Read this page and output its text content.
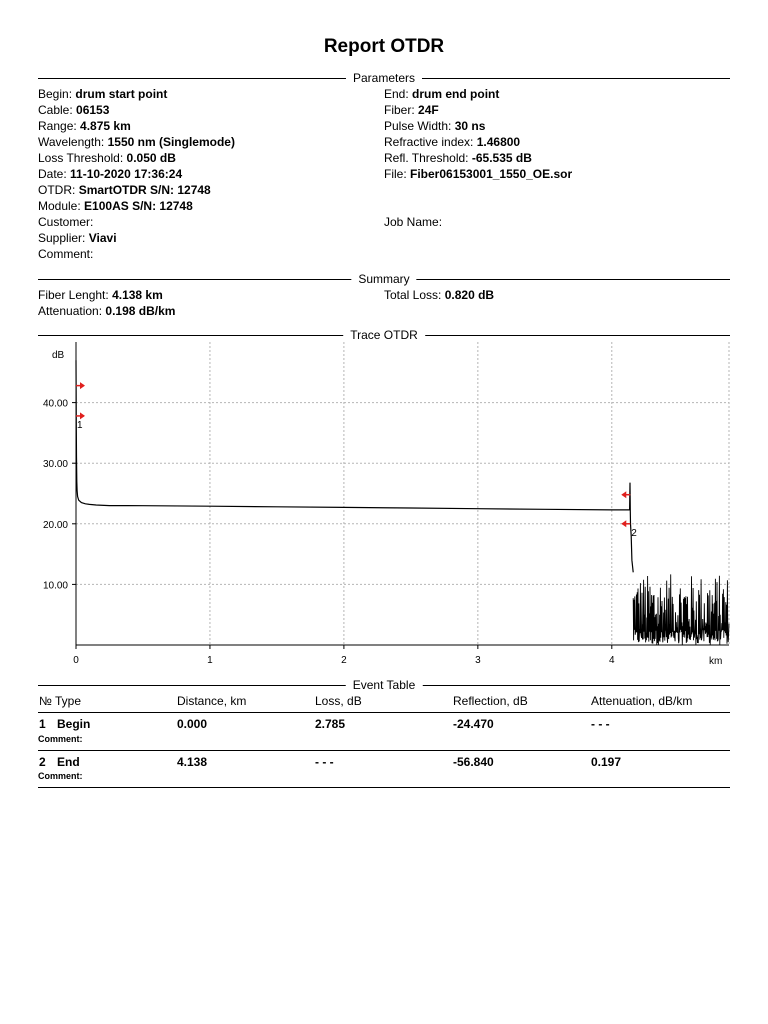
Report OTDR
Parameters
Begin: drum start point
Cable: 06153
Range: 4.875 km
Wavelength: 1550 nm (Singlemode)
Loss Threshold: 0.050 dB
Date: 11-10-2020 17:36:24
OTDR: SmartOTDR S/N: 12748
Module: E100AS S/N: 12748
Customer:
Supplier: Viavi
Comment:
End: drum end point
Fiber: 24F
Pulse Width: 30 ns
Refractive index: 1.46800
Refl. Threshold: -65.535 dB
File: Fiber06153001_1550_OE.sor
Job Name:
Summary
Fiber Lenght: 4.138 km
Attenuation: 0.198 dB/km
Total Loss: 0.820 dB
Trace OTDR
0	1	2	3	4
10.00
20.00
30.00
40.00
dB
km
1
2
Event Table
№ Type	Distance, km	Loss, dB	Reflection, dB	Attenuation, dB/km
1 Begin	0.000	2.785	-24.470	- - -
Comment:
2 End	4.138	- - -	-56.840	0.197
Comment:
